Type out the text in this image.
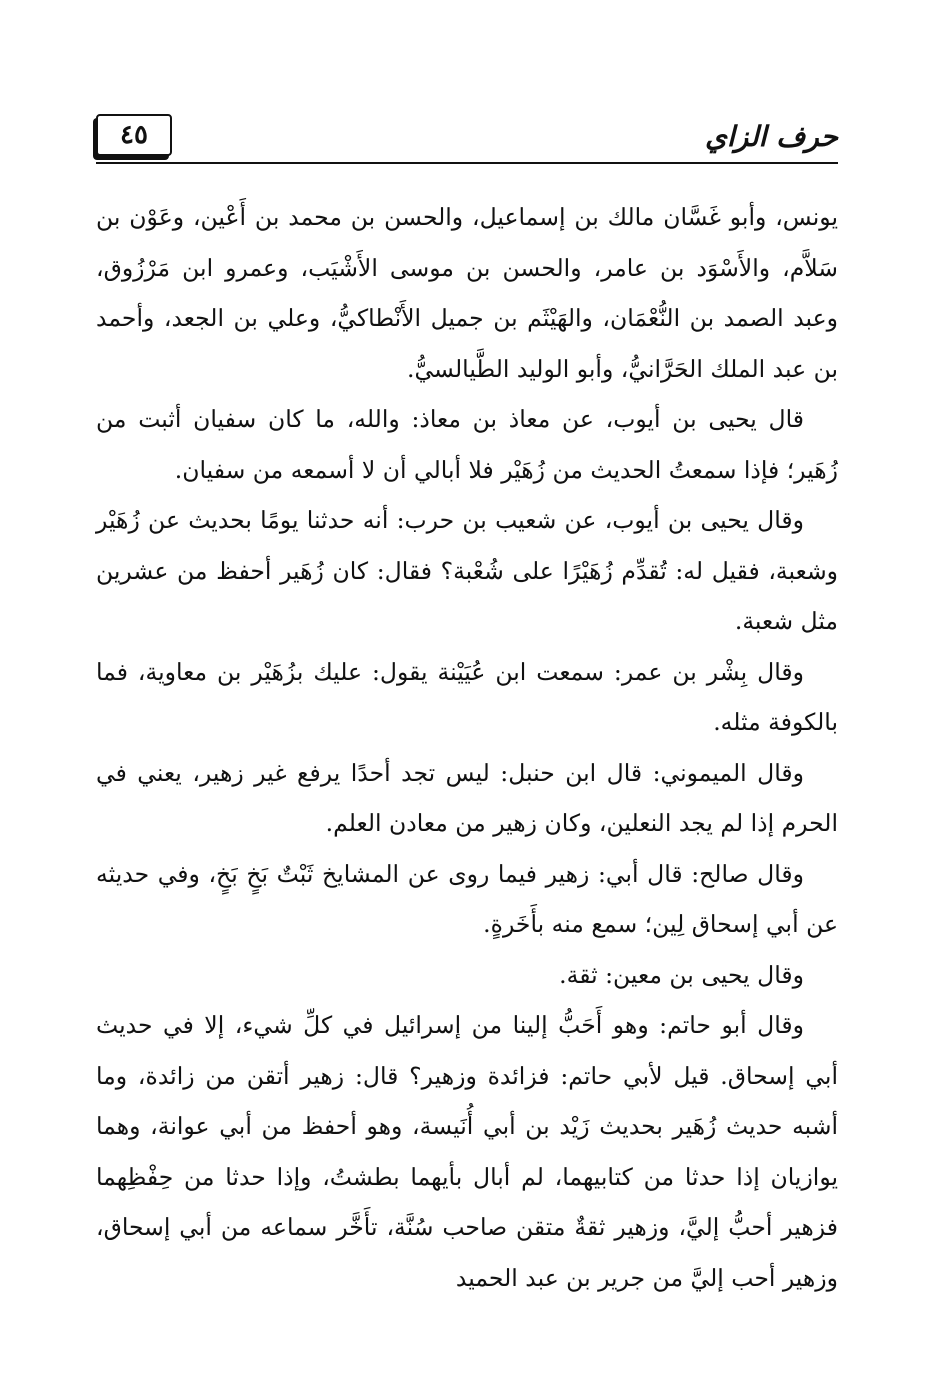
٤٥	حرف الزاي

يونس، وأبو غَسَّان مالك بن إسماعيل، والحسن بن محمد بن أَعْين، وعَوْن بن سَلاَّم، والأَسْوَد بن عامر، والحسن بن موسى الأَشْيَب، وعمرو ابن مَرْزُوق، وعبد الصمد بن النُّعْمَان، والهَيْثَم بن جميل الأَنْطاكيُّ، وعلي بن الجعد، وأحمد بن عبد الملك الحَرَّانيُّ، وأبو الوليد الطَّيالسيُّ.

قال يحيى بن أيوب، عن معاذ بن معاذ: والله، ما كان سفيان أثبت من زُهَير؛ فإذا سمعتُ الحديث من زُهَيْر فلا أبالي أن لا أسمعه من سفيان.

وقال يحيى بن أيوب، عن شعيب بن حرب: أنه حدثنا يومًا بحديث عن زُهَيْر وشعبة، فقيل له: تُقدِّم زُهَيْرًا على شُعْبة؟ فقال: كان زُهَير أحفظ من عشرين مثل شعبة.

وقال بِشْر بن عمر: سمعت ابن عُيَيْنة يقول: عليك بزُهَيْر بن معاوية، فما بالكوفة مثله.

وقال الميموني: قال ابن حنبل: ليس تجد أحدًا يرفع غير زهير، يعني في الحرم إذا لم يجد النعلين، وكان زهير من معادن العلم.

وقال صالح: قال أبي: زهير فيما روى عن المشايخ ثَبْتٌ بَخٍ بَخٍ، وفي حديثه عن أبي إسحاق لِين؛ سمع منه بأَخَرةٍ.

وقال يحيى بن معين: ثقة.

وقال أبو حاتم: وهو أَحَبُّ إلينا من إسرائيل في كلِّ شيء، إلا في حديث أبي إسحاق. قيل لأبي حاتم: فزائدة وزهير؟ قال: زهير أتقن من زائدة، وما أشبه حديث زُهَير بحديث زَيْد بن أبي أُنَيسة، وهو أحفظ من أبي عوانة، وهما يوازيان إذا حدثا من كتابيهما، لم أبال بأيهما بطشتُ، وإذا حدثا من حِفْظِهما فزهير أحبُّ إليَّ، وزهير ثقةٌ متقن صاحب سُنَّة، تأَخَّر سماعه من أبي إسحاق، وزهير أحب إليَّ من جرير بن عبد الحميد
